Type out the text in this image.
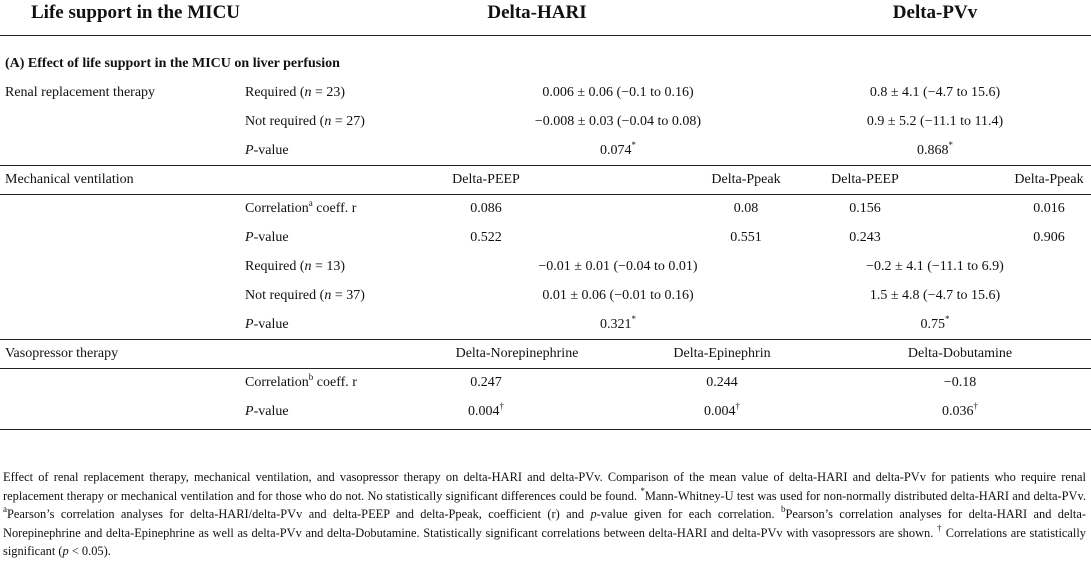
Life support in the MICU	Delta-HARI	Delta-PVv
(A) Effect of life support in the MICU on liver perfusion
Renal replacement therapy	Required (n = 23)	0.006 ± 0.06 (−0.1 to 0.16)	0.8 ± 4.1 (−4.7 to 15.6)
Not required (n = 27)	−0.008 ± 0.03 (−0.04 to 0.08)	0.9 ± 5.2 (−11.1 to 11.4)
P-value	0.074*	0.868*
Mechanical ventilation	Delta-PEEP	Delta-Ppeak	Delta-PEEP	Delta-Ppeak
Correlation$^a$ coeff. r	0.086	0.08	0.156	0.016
P-value	0.522	0.551	0.243	0.906
Required (n = 13)	−0.01 ± 0.01 (−0.04 to 0.01)	−0.2 ± 4.1 (−11.1 to 6.9)
Not required (n = 37)	0.01 ± 0.06 (−0.01 to 0.16)	1.5 ± 4.8 (−4.7 to 15.6)
P-value	0.321*	0.75*
Vasopressor therapy	Delta-Norepinephrine	Delta-Epinephrin	Delta-Dobutamine
Correlation$^b$ coeff. r	0.247	0.244	−0.18
P-value	0.004†	0.004†	0.036†
Effect of renal replacement therapy, mechanical ventilation, and vasopressor therapy on delta-HARI and delta-PVv. Comparison of the mean value of delta-HARI and delta-PVv for patients who require renal replacement therapy or mechanical ventilation and for those who do not. No statistically significant differences could be found. *Mann-Whitney-U test was used for non-normally distributed delta-HARI and delta-PVv. $^a$Pearson’s correlation analyses for delta-HARI/delta-PVv and delta-PEEP and delta-Ppeak, coefficient (r) and p-value given for each correlation. $^b$Pearson’s correlation analyses for delta-HARI and delta-Norepinephrine and delta-Epinephrine as well as delta-PVv and delta-Dobutamine. Statistically significant correlations between delta-HARI and delta-PVv with vasopressors are shown. † Correlations are statistically significant (p < 0.05).
